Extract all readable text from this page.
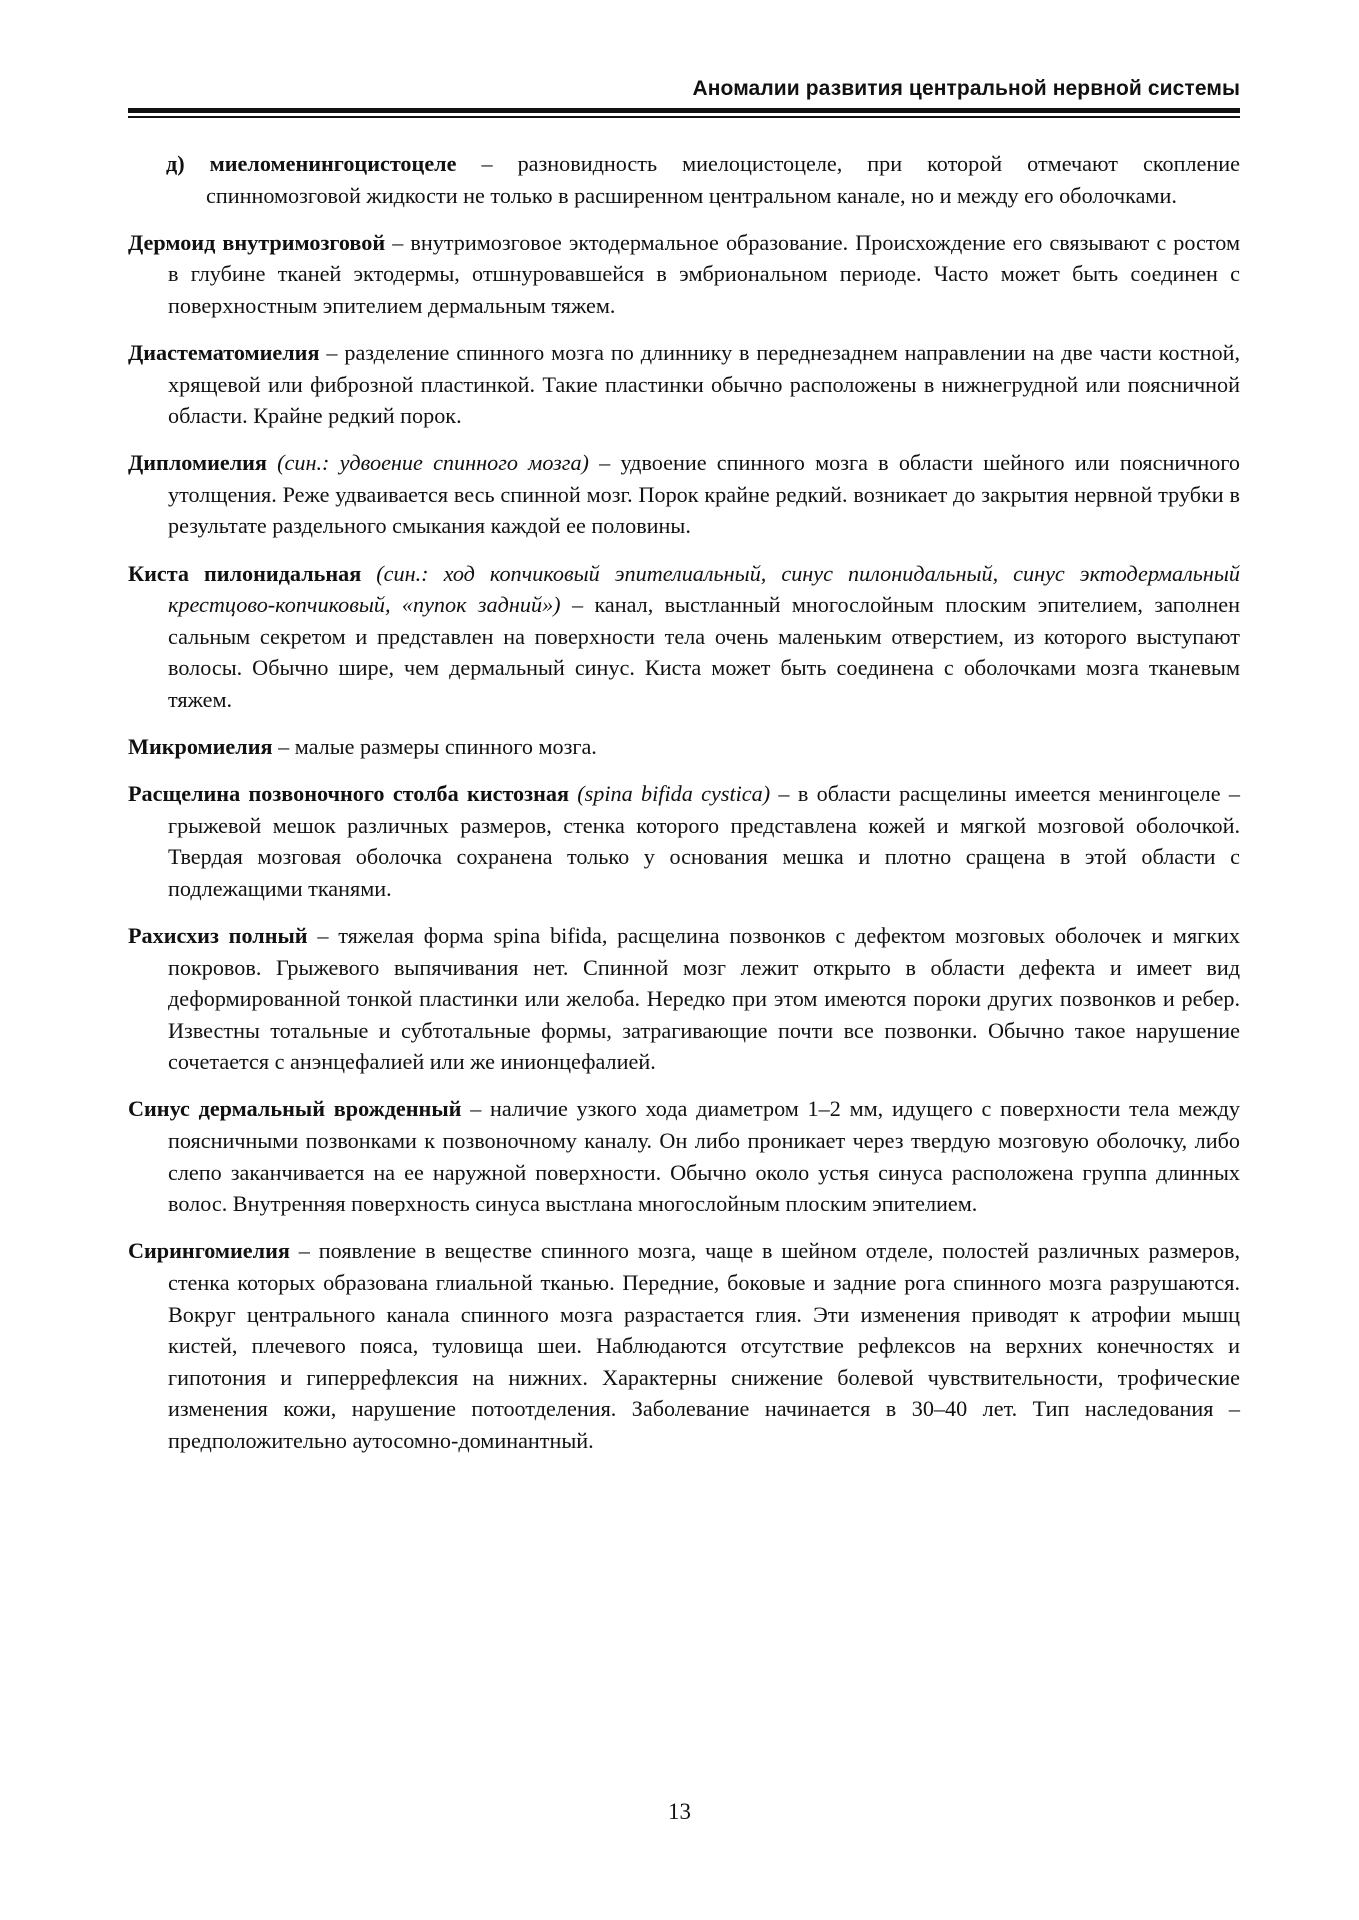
Аномалии развития центральной нервной системы

д) миеломенингоцистоцеле – разновидность миелоцистоцеле, при которой отмечают скопление спинномозговой жидкости не только в расширенном центральном канале, но и между его оболочками.

Дермоид внутримозговой – внутримозговое эктодермальное образование. Происхождение его связывают с ростом в глубине тканей эктодермы, отшнуровавшейся в эмбриональном периоде. Часто может быть соединен с поверхностным эпителием дермальным тяжем.

Диастематомиелия – разделение спинного мозга по длиннику в переднезаднем направлении на две части костной, хрящевой или фиброзной пластинкой. Такие пластинки обычно расположены в нижнегрудной или поясничной области. Крайне редкий порок.

Дипломиелия (син.: удвоение спинного мозга) – удвоение спинного мозга в области шейного или поясничного утолщения. Реже удваивается весь спинной мозг. Порок крайне редкий. возникает до закрытия нервной трубки в результате раздельного смыкания каждой ее половины.

Киста пилонидальная (син.: ход копчиковый эпителиальный, синус пилонидальный, синус эктодермальный крестцово-копчиковый, «пупок задний») – канал, выстланный многослойным плоским эпителием, заполнен сальным секретом и представлен на поверхности тела очень маленьким отверстием, из которого выступают волосы. Обычно шире, чем дермальный синус. Киста может быть соединена с оболочками мозга тканевым тяжем.

Микромиелия – малые размеры спинного мозга.

Расщелина позвоночного столба кистозная (spina bifida cystica) – в области расщелины имеется менингоцеле – грыжевой мешок различных размеров, стенка которого представлена кожей и мягкой мозговой оболочкой. Твердая мозговая оболочка сохранена только у основания мешка и плотно сращена в этой области с подлежащими тканями.

Рахисхиз полный – тяжелая форма spina bifida, расщелина позвонков с дефектом мозговых оболочек и мягких покровов. Грыжевого выпячивания нет. Спинной мозг лежит открыто в области дефекта и имеет вид деформированной тонкой пластинки или желоба. Нередко при этом имеются пороки других позвонков и ребер. Известны тотальные и субтотальные формы, затрагивающие почти все позвонки. Обычно такое нарушение сочетается с анэнцефалией или же инионцефалией.

Синус дермальный врожденный – наличие узкого хода диаметром 1–2 мм, идущего с поверхности тела между поясничными позвонками к позвоночному каналу. Он либо проникает через твердую мозговую оболочку, либо слепо заканчивается на ее наружной поверхности. Обычно около устья синуса расположена группа длинных волос. Внутренняя поверхность синуса выстлана многослойным плоским эпителием.

Сирингомиелия – появление в веществе спинного мозга, чаще в шейном отделе, полостей различных размеров, стенка которых образована глиальной тканью. Передние, боковые и задние рога спинного мозга разрушаются. Вокруг центрального канала спинного мозга разрастается глия. Эти изменения приводят к атрофии мышц кистей, плечевого пояса, туловища шеи. Наблюдаются отсутствие рефлексов на верхних конечностях и гипотония и гиперрефлексия на нижних. Характерны снижение болевой чувствительности, трофические изменения кожи, нарушение потоотделения. Заболевание начинается в 30–40 лет. Тип наследования – предположительно аутосомно-доминантный.

13
